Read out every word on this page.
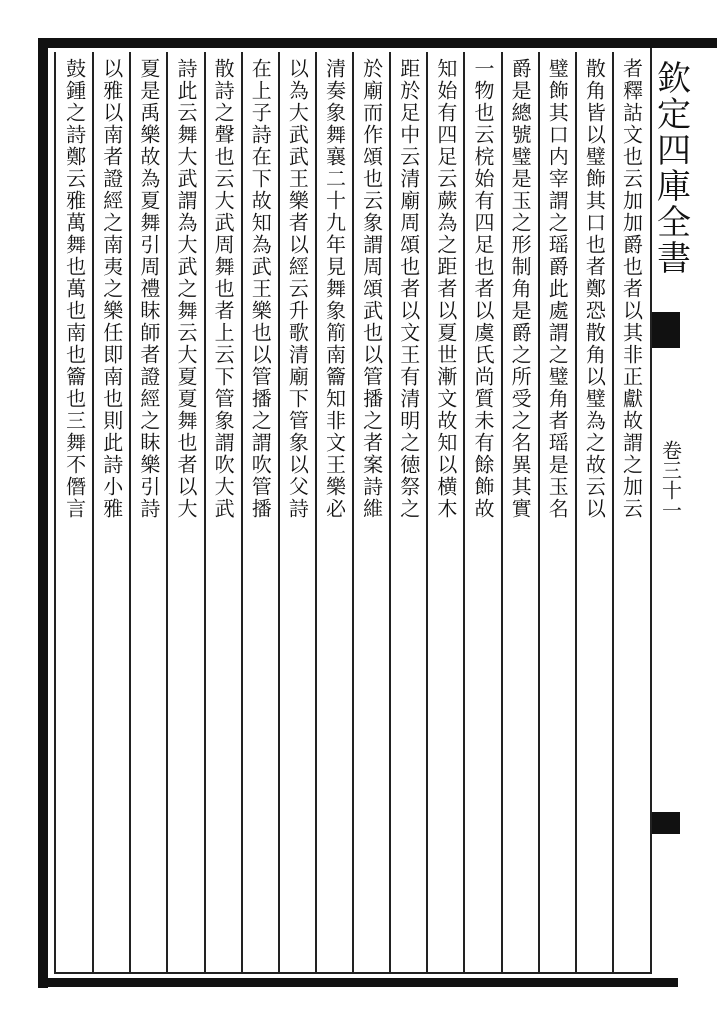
欽定四庫全書
卷三十一
者釋詁文也云加加爵也者以其非正獻故謂之加云
散角皆以璧飾其口也者鄭恐散角以璧為之故云以
璧飾其口内宰謂之瑶爵此處謂之璧角者瑶是玉名
爵是總號璧是玉之形制角是爵之所受之名異其實
一物也云梡始有四足也者以虞氏尚質未有餘飾故
知始有四足云蕨為之距者以夏世漸文故知以横木
距於足中云清廟周頌也者以文王有清明之徳祭之
於廟而作頌也云象謂周頌武也以管播之者案詩維
清奏象舞襄二十九年見舞象箾南籥知非文王樂必
以為大武武王樂者以經云升歌清廟下管象以父詩
在上子詩在下故知為武王樂也以管播之謂吹管播
散詩之聲也云大武周舞也者上云下管象謂吹大武
詩此云舞大武謂為大武之舞云大夏夏舞也者以大
夏是禹樂故為夏舞引周禮眜師者證經之眜樂引詩
以雅以南者證經之南夷之樂任即南也則此詩小雅
鼓鍾之詩鄭云雅萬舞也萬也南也籥也三舞不僭言
